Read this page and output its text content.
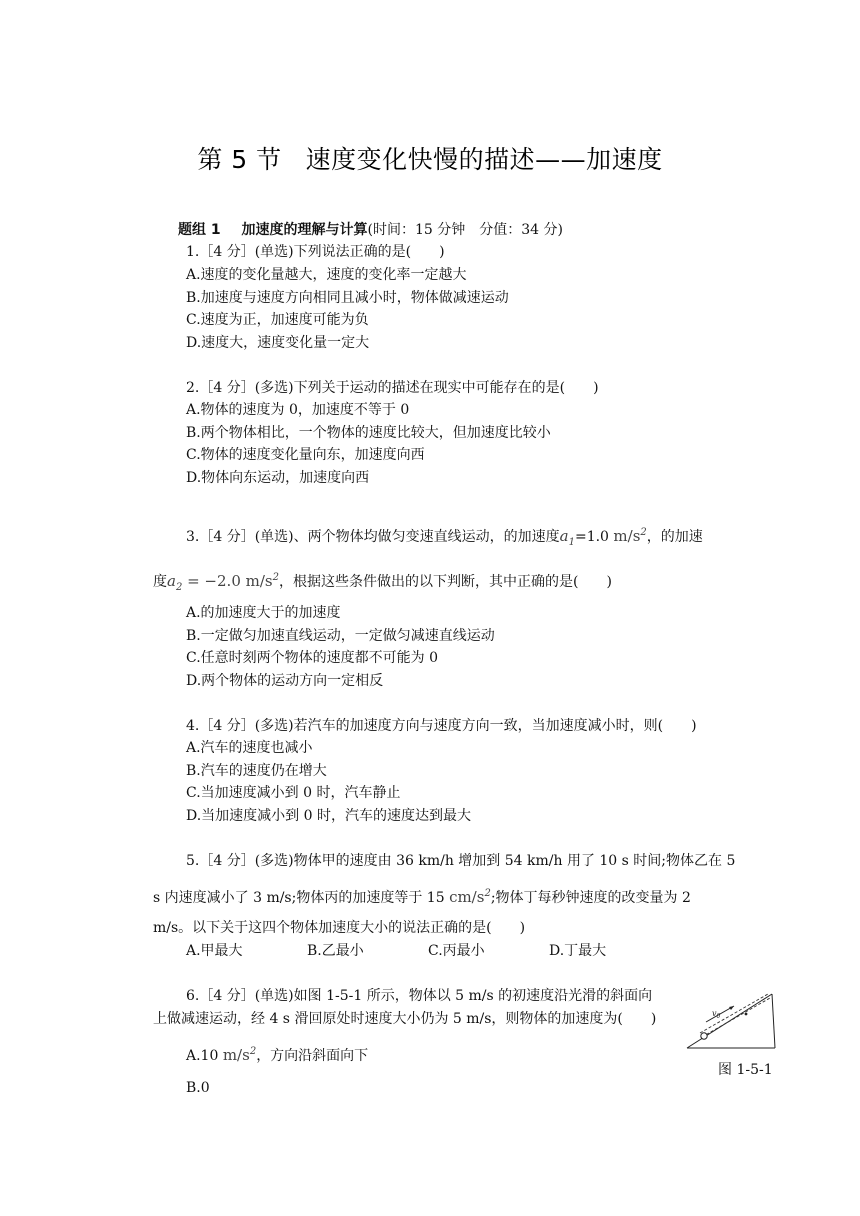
第 5 节 速度变化快慢的描述——加速度
题组 1 加速度的理解与计算(时间：15 分钟　分值：34 分)
1.［4 分］(单选)下列说法正确的是(　　)
A.速度的变化量越大，速度的变化率一定越大
B.加速度与速度方向相同且减小时，物体做减速运动
C.速度为正，加速度可能为负
D.速度大，速度变化量一定大
2.［4 分］(多选)下列关于运动的描述在现实中可能存在的是(　　)
A.物体的速度为 0，加速度不等于 0
B.两个物体相比，一个物体的速度比较大，但加速度比较小
C.物体的速度变化量向东，加速度向西
D.物体向东运动，加速度向西
3.［4 分］(单选)、两个物体均做匀变速直线运动，的加速度$a_1=1.0$ $m/s^2$，的加速
度$a_2 = -2.0$ $m/s^2$，根据这些条件做出的以下判断，其中正确的是(　　)
A.的加速度大于的加速度
B.一定做匀加速直线运动，一定做匀减速直线运动
C.任意时刻两个物体的速度都不可能为 0
D.两个物体的运动方向一定相反
4.［4 分］(多选)若汽车的加速度方向与速度方向一致，当加速度减小时，则(　　)
A.汽车的速度也减小
B.汽车的速度仍在增大
C.当加速度减小到 0 时，汽车静止
D.当加速度减小到 0 时，汽车的速度达到最大
5.［4 分］(多选)物体甲的速度由 36 km/h 增加到 54 km/h 用了 10 s 时间;物体乙在 5
s 内速度减小了 3 m/s;物体丙的加速度等于 15 $cm/s^2$;物体丁每秒钟速度的改变量为 2
m/s。以下关于这四个物体加速度大小的说法正确的是(　　)
A.甲最大	B.乙最小	C.丙最小	D.丁最大
6.［4 分］(单选)如图 1-5-1 所示，物体以 5 m/s 的初速度沿光滑的斜面向
上做减速运动，经 4 s 滑回原处时速度大小仍为 5 m/s，则物体的加速度为(　　)
A.10 $m/s^2$，方向沿斜面向下
B.0
$v_0$
图 1-5-1
